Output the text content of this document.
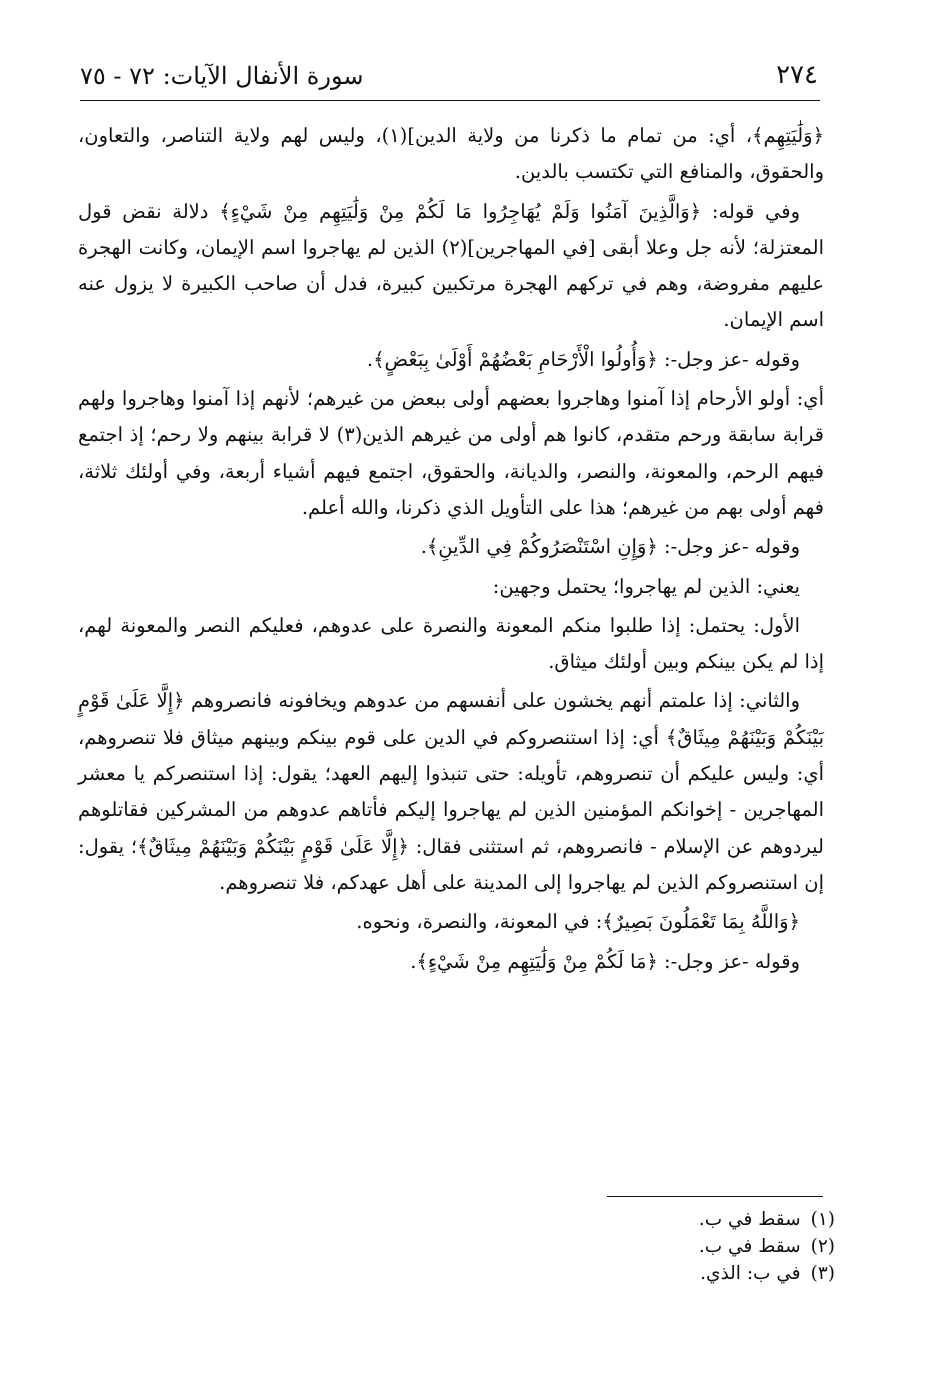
٢٧٤
سورة الأنفال الآيات: ٧٢ - ٧٥

﴿وَلَٰيَتِهِم﴾، أي: من تمام ما ذكرنا من ولاية الدين](١)، وليس لهم ولاية التناصر، والتعاون، والحقوق، والمنافع التي تكتسب بالدين.

وفي قوله: ﴿وَالَّذِينَ آمَنُوا وَلَمْ يُهَاجِرُوا مَا لَكُمْ مِنْ وَلَٰيَتِهِم مِنْ شَيْءٍ﴾ دلالة نقض قول المعتزلة؛ لأنه جل وعلا أبقى [في المهاجرين](٢) الذين لم يهاجروا اسم الإيمان، وكانت الهجرة عليهم مفروضة، وهم في تركهم الهجرة مرتكبين كبيرة، فدل أن صاحب الكبيرة لا يزول عنه اسم الإيمان.

وقوله -عز وجل-: ﴿وَأُولُوا الْأَرْحَامِ بَعْضُهُمْ أَوْلَىٰ بِبَعْضٍ﴾.

أي: أولو الأرحام إذا آمنوا وهاجروا بعضهم أولى ببعض من غيرهم؛ لأنهم إذا آمنوا وهاجروا ولهم قرابة سابقة ورحم متقدم، كانوا هم أولى من غيرهم الذين(٣) لا قرابة بينهم ولا رحم؛ إذ اجتمع فيهم الرحم، والمعونة، والنصر، والديانة، والحقوق، اجتمع فيهم أشياء أربعة، وفي أولئك ثلاثة، فهم أولى بهم من غيرهم؛ هذا على التأويل الذي ذكرنا، والله أعلم.

وقوله -عز وجل-: ﴿وَإِنِ اسْتَنْصَرُوكُمْ فِي الدِّينِ﴾.

يعني: الذين لم يهاجروا؛ يحتمل وجهين:

الأول: يحتمل: إذا طلبوا منكم المعونة والنصرة على عدوهم، فعليكم النصر والمعونة لهم، إذا لم يكن بينكم وبين أولئك ميثاق.

والثاني: إذا علمتم أنهم يخشون على أنفسهم من عدوهم ويخافونه فانصروهم ﴿إِلَّا عَلَىٰ قَوْمٍ بَيْنَكُمْ وَبَيْنَهُمْ مِيثَاقٌ﴾ أي: إذا استنصروكم في الدين على قوم بينكم وبينهم ميثاق فلا تنصروهم، أي: وليس عليكم أن تنصروهم، تأويله: حتى تنبذوا إليهم العهد؛ يقول: إذا استنصركم يا معشر المهاجرين - إخوانكم المؤمنين الذين لم يهاجروا إليكم فأتاهم عدوهم من المشركين فقاتلوهم ليردوهم عن الإسلام - فانصروهم، ثم استثنى فقال: ﴿إِلَّا عَلَىٰ قَوْمٍ بَيْنَكُمْ وَبَيْنَهُمْ مِيثَاقٌ﴾؛ يقول: إن استنصروكم الذين لم يهاجروا إلى المدينة على أهل عهدكم، فلا تنصروهم.

﴿وَاللَّهُ بِمَا تَعْمَلُونَ بَصِيرٌ﴾: في المعونة، والنصرة، ونحوه.

وقوله -عز وجل-: ﴿مَا لَكُمْ مِنْ وَلَٰيَتِهِم مِنْ شَيْءٍ﴾.

(١)سقط في ب.
(٢)سقط في ب.
(٣)في ب: الذي.
